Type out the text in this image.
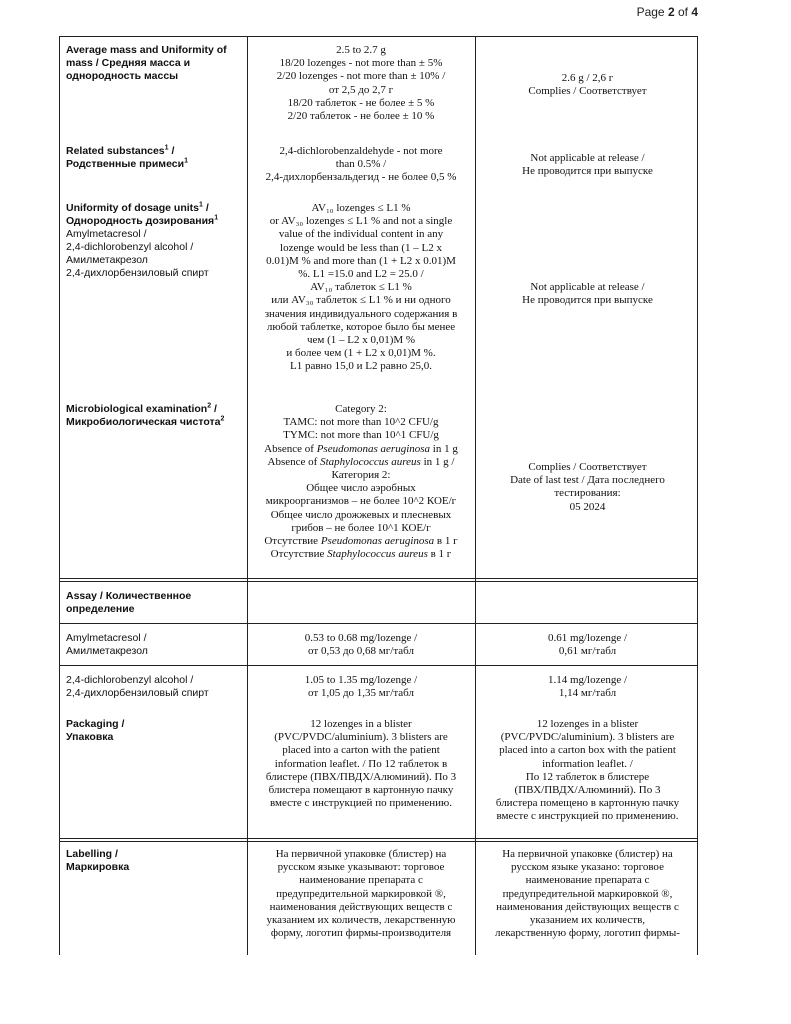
Page 2 of 4
Average mass and Uniformity of mass / Средняя масса и однородность массы
2.5 to 2.7 g
18/20 lozenges - not more than ± 5%
2/20 lozenges - not more than ± 10% /
от 2,5 до 2,7 г
18/20 таблеток - не более ± 5 %
2/20 таблеток - не более ± 10 %
2.6 g / 2,6 г
Complies / Соответствует
Related substances$^1$ /
Родственные примеси$^1$
2,4-dichlorobenzaldehyde - not more
than 0.5% /
2,4-дихлорбензальдегид - не более 0,5 %
Not applicable at release /
Не проводится при выпуске
Uniformity of dosage units$^1$ /
Однородность дозирования$^1$
Amylmetacresol /
2,4-dichlorobenzyl alcohol /
Амилметакрезол
2,4-дихлорбензиловый спирт
AV₁₀ lozenges ≤ L1 %
or AV₃₀ lozenges ≤ L1 % and not a single
value of the individual content in any
lozenge would be less than (1 – L2 x
0.01)M % and more than (1 + L2 x 0.01)M
%. L1 =15.0 and L2 = 25.0 /
AV₁₀ таблеток ≤ L1 %
или AV₃₀ таблеток ≤ L1 % и ни одного
значения индивидуального содержания в
любой таблетке, которое было бы менее
чем (1 – L2 x 0,01)M %
и более чем (1 + L2 x 0,01)M %.
L1 равно 15,0 и L2 равно 25,0.
Not applicable at release /
Не проводится при выпуске
Microbiological examination$^2$ /
Микробиологическая чистота$^2$
Category 2:
TAMC: not more than 10^2 CFU/g
TYMC: not more than 10^1 CFU/g
Absence of Pseudomonas aeruginosa in 1 g
Absence of Staphylococcus aureus in 1 g /
Категория 2:
Общее число аэробных
микроорганизмов – не более 10^2 КОЕ/г
Общее число дрожжевых и плесневых
грибов – не более 10^1 КОЕ/г
Отсутствие Pseudomonas aeruginosa в 1 г
Отсутствие Staphylococcus aureus в 1 г
Complies / Соответствует
Date of last test / Дата последнего
тестирования:
05 2024
Assay / Количественное определение
Amylmetacresol /
Амилметакрезол
0.53 to 0.68 mg/lozenge /
от 0,53 до 0,68 мг/табл
0.61 mg/lozenge /
0,61 мг/табл
2,4-dichlorobenzyl alcohol /
2,4-дихлорбензиловый спирт
1.05 to 1.35 mg/lozenge /
от 1,05 до 1,35 мг/табл
1.14 mg/lozenge /
1,14 мг/табл
Packaging /
Упаковка
12 lozenges in a blister
(PVC/PVDC/aluminium). 3 blisters are
placed into a carton with the patient
information leaflet. / По 12 таблеток в
блистере (ПВХ/ПВДХ/Алюминий). По 3
блистера помещают в картонную пачку
вместе с инструкцией по применению.
12 lozenges in a blister
(PVC/PVDC/aluminium). 3 blisters are
placed into a carton box with the patient
information leaflet. /
По 12 таблеток в блистере
(ПВХ/ПВДХ/Алюминий). По 3
блистера помещено в картонную пачку
вместе с инструкцией по применению.
Labelling /
Маркировка
На первичной упаковке (блистер) на
русском языке указывают: торговое
наименование препарата с
предупредительной маркировкой ®,
наименования действующих веществ с
указанием их количеств, лекарственную
форму, логотип фирмы-производителя
На первичной упаковке (блистер) на
русском языке указано: торговое
наименование препарата с
предупредительной маркировкой ®,
наименования действующих веществ с
указанием их количеств,
лекарственную форму, логотип фирмы-
